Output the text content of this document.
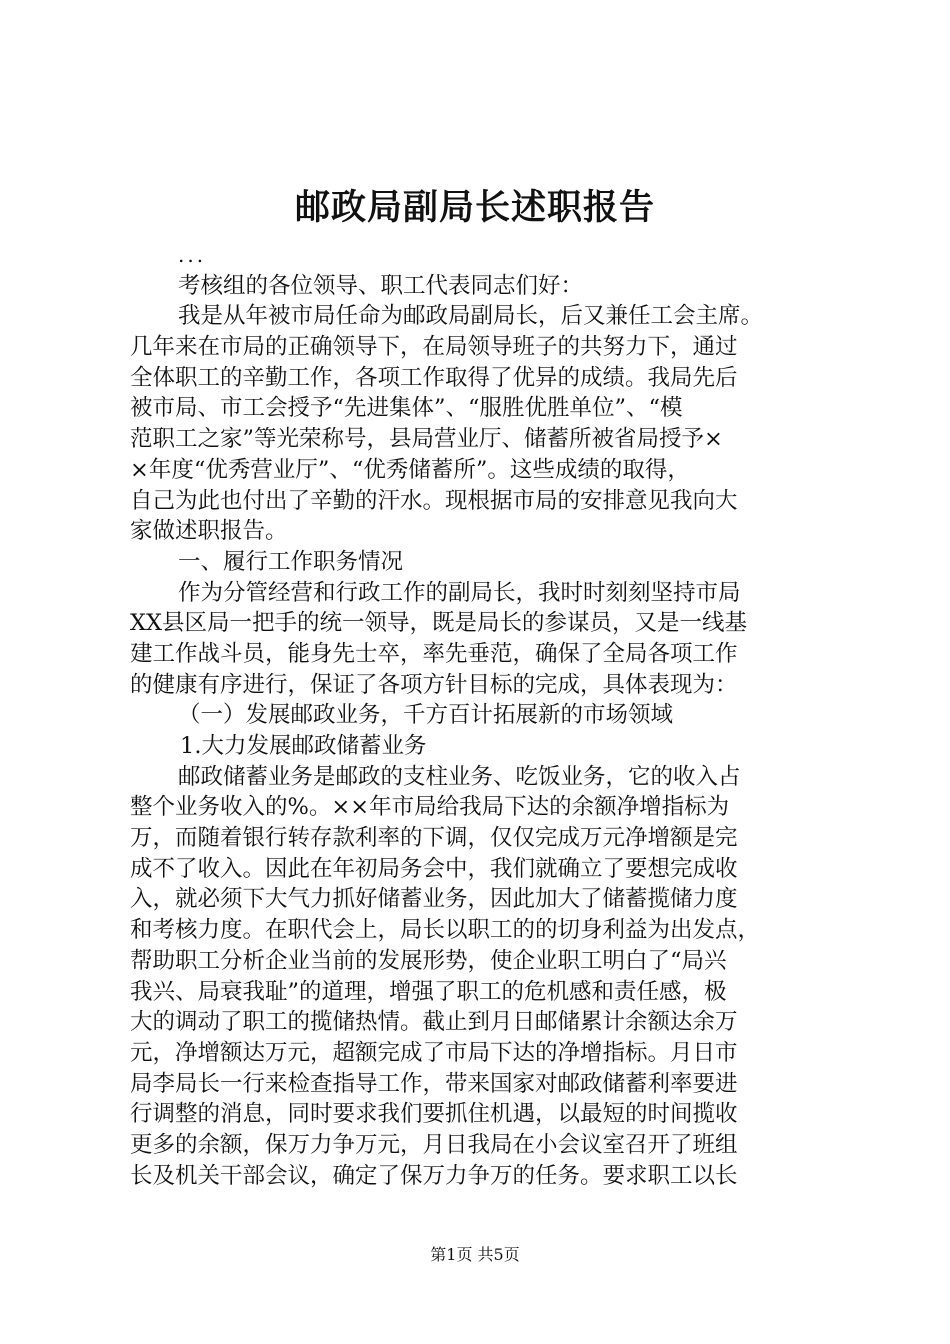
邮政局副局长述职报告
...
考核组的各位领导、职工代表同志们好：
我是从年被市局任命为邮政局副局长，后又兼任工会主席。
几年来在市局的正确领导下，在局领导班子的共努力下，通过
全体职工的辛勤工作，各项工作取得了优异的成绩。我局先后
被市局、市工会授予“先进集体”、“服胜优胜单位”、“模
范职工之家”等光荣称号，县局营业厅、储蓄所被省局授予×
×年度“优秀营业厅”、“优秀储蓄所”。这些成绩的取得，
自己为此也付出了辛勤的汗水。现根据市局的安排意见我向大
家做述职报告。
一、履行工作职务情况
作为分管经营和行政工作的副局长，我时时刻刻坚持市局
XX县区局一把手的统一领导，既是局长的参谋员，又是一线基
建工作战斗员，能身先士卒，率先垂范，确保了全局各项工作
的健康有序进行，保证了各项方针目标的完成，具体表现为：
（一）发展邮政业务，千方百计拓展新的市场领域
1.大力发展邮政储蓄业务
邮政储蓄业务是邮政的支柱业务、吃饭业务，它的收入占
整个业务收入的%。××年市局给我局下达的余额净增指标为
万，而随着银行转存款利率的下调，仅仅完成万元净增额是完
成不了收入。因此在年初局务会中，我们就确立了要想完成收
入，就必须下大气力抓好储蓄业务，因此加大了储蓄揽储力度
和考核力度。在职代会上，局长以职工的的切身利益为出发点，
帮助职工分析企业当前的发展形势，使企业职工明白了“局兴
我兴、局衰我耻”的道理，增强了职工的危机感和责任感，极
大的调动了职工的揽储热情。截止到月日邮储累计余额达余万
元，净增额达万元，超额完成了市局下达的净增指标。月日市
局李局长一行来检查指导工作，带来国家对邮政储蓄利率要进
行调整的消息，同时要求我们要抓住机遇，以最短的时间揽收
更多的余额，保万力争万元，月日我局在小会议室召开了班组
长及机关干部会议，确定了保万力争万的任务。要求职工以长
第1页 共5页
